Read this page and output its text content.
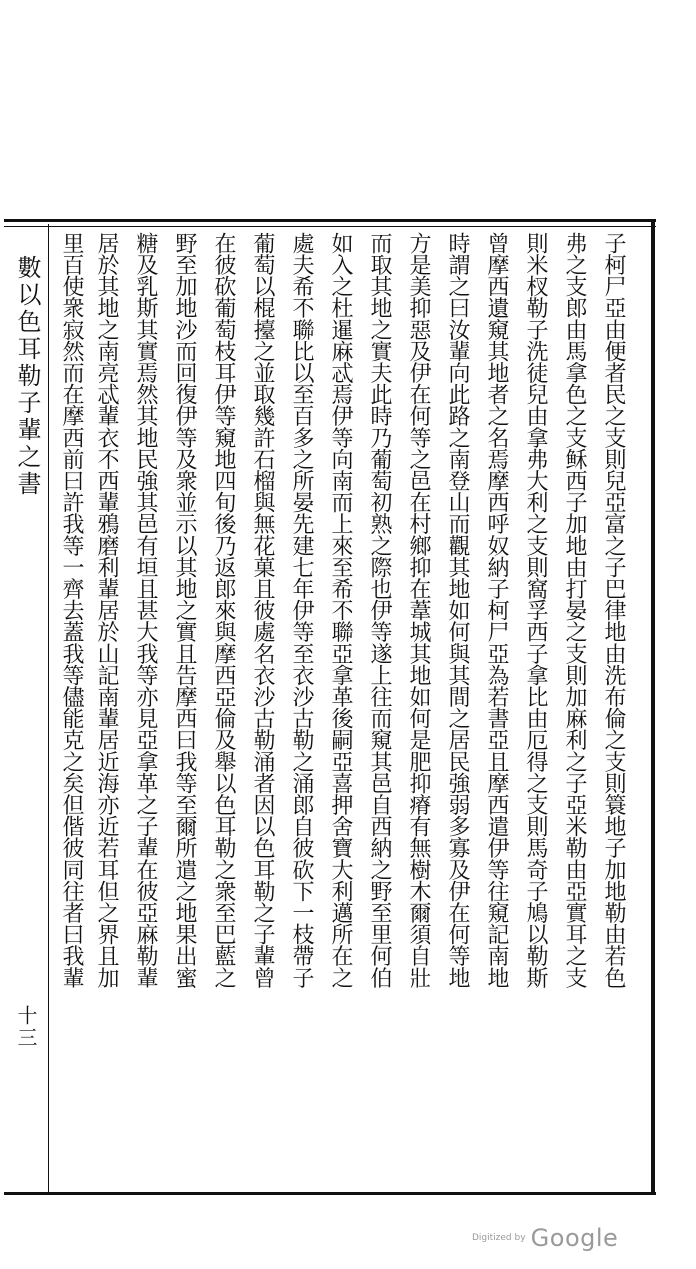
子柯尸亞由便者民之支則兒亞富之子巴律地由洗布倫之支則簑地子加地勒由若色
弗之支郎由馬拿色之支稣西子加地由打晏之支則加麻利之子亞米勒由亞實耳之支
則米杈勒子洗徒兒由拿弗大利之支則窩孚西子拿比由厄得之支則馬奇子鳩以勒斯
曾摩西遺窺其地者之名焉摩西呼奴納子柯尸亞為若書亞且摩西遣伊等往窺記南地
時謂之曰汝輩向此路之南登山而觀其地如何與其間之居民強弱多寡及伊在何等地
方是美抑惡及伊在何等之邑在村鄉抑在葦城其地如何是肥抑瘠有無樹木爾須自壯
而取其地之實夫此時乃葡萄初熟之際也伊等遂上往而窺其邑自西納之野至里何伯
如入之杜暹麻忒焉伊等向南而上來至希不聯亞拿革後嗣亞喜押舍寶大利邁所在之
處夫希不聯比以至百多之所晏先建七年伊等至衣沙古勒之涌郎自彼砍下一枝帶子
葡萄以棍擡之並取幾許石榴與無花菓且彼處名衣沙古勒涌者因以色耳勒之子輩曾
在彼砍葡萄枝耳伊等窺地四旬後乃返郎來與摩西亞倫及舉以色耳勒之衆至巴藍之
野至加地沙而回復伊等及衆並示以其地之實且告摩西曰我等至爾所遣之地果出蜜
糖及乳斯其實焉然其地民強其邑有垣且甚大我等亦見亞拿革之子輩在彼亞麻勒輩
居於其地之南亮忒輩衣不西輩鴉磨利輩居於山記南輩居近海亦近若耳但之界且加
里百使衆寂然而在摩西前曰許我等一齊去蓋我等儘能克之矣但偕彼同往者曰我輩
數以色耳勒子輩之書
十三
Digitized by Google
